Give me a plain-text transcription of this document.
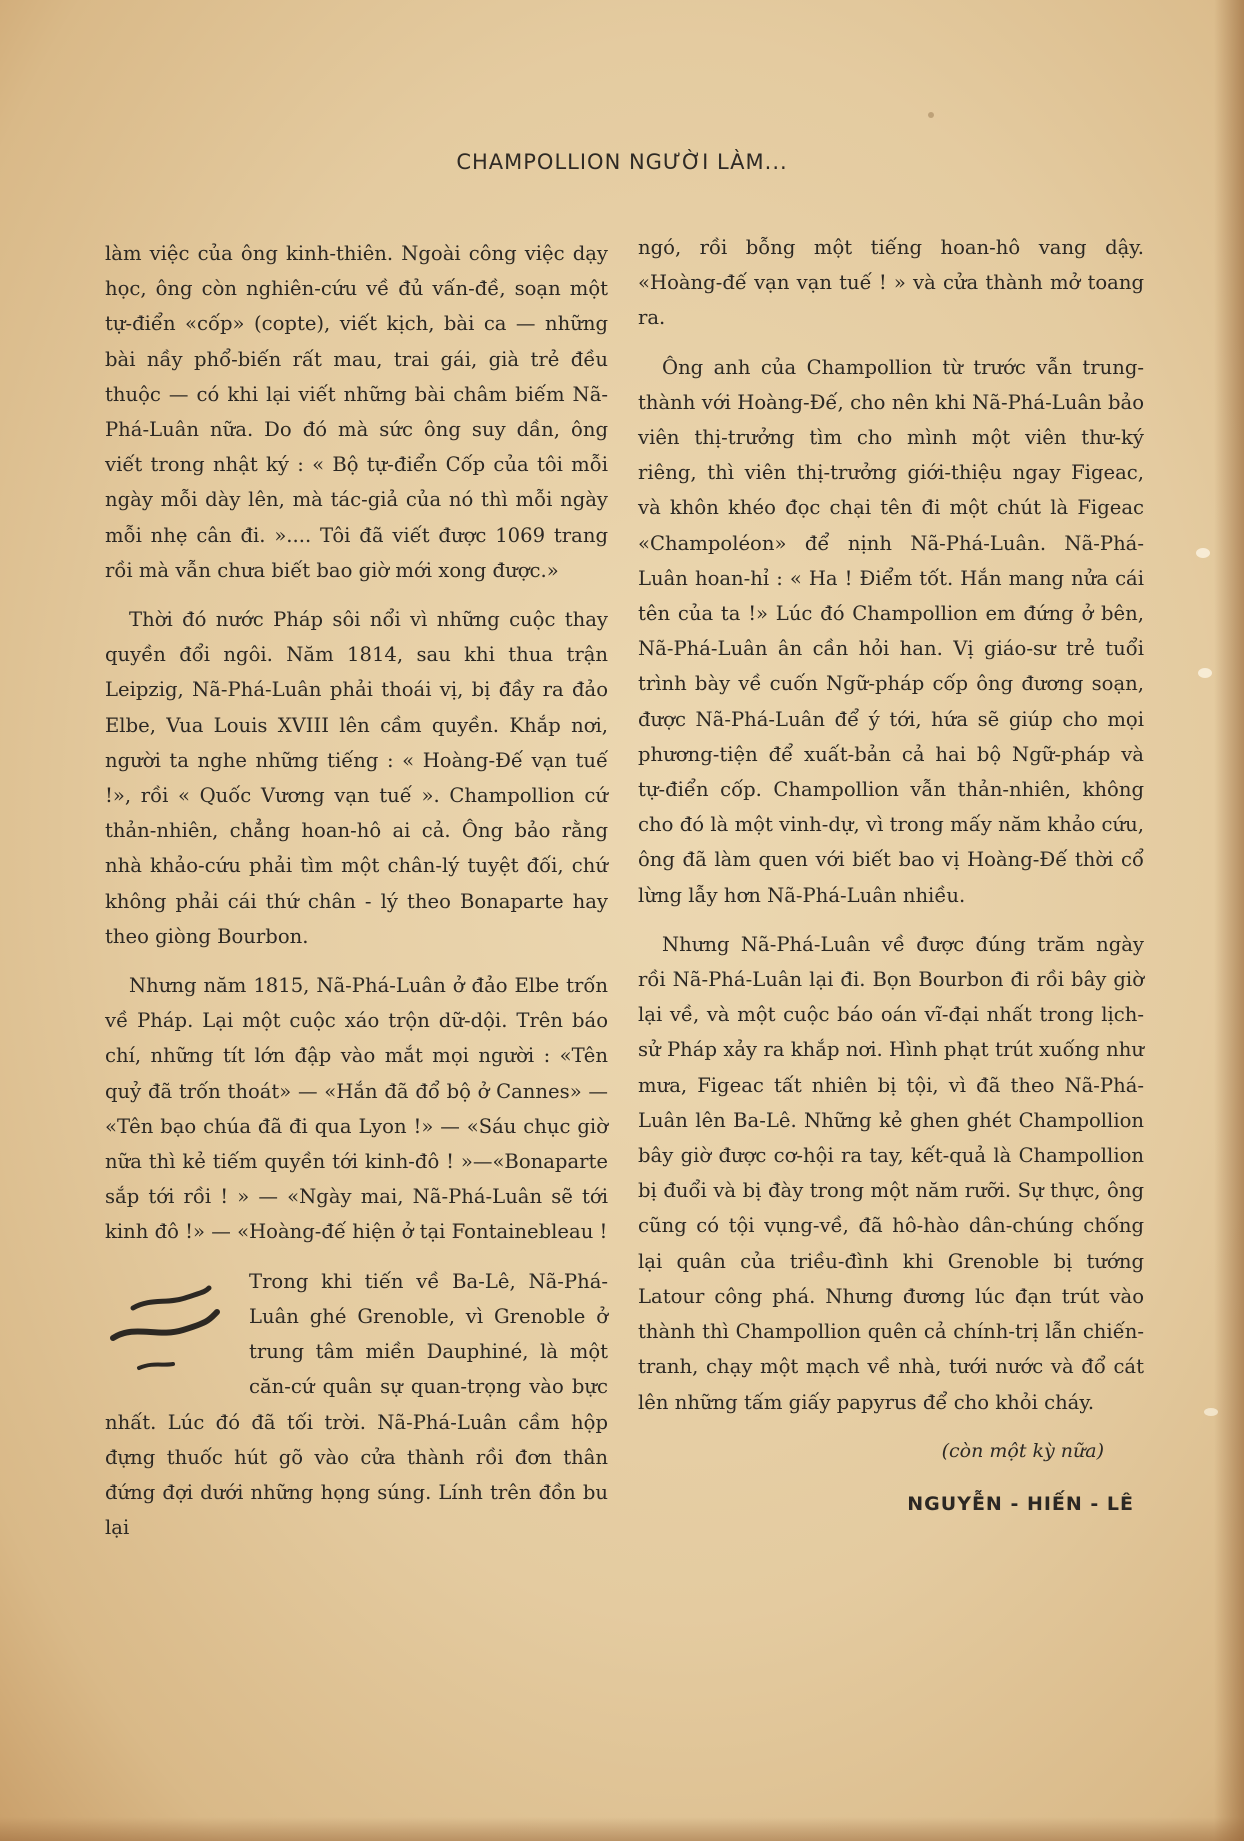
CHAMPOLLION NGƯỜI LÀM...

làm việc của ông kinh-thiên. Ngoài công việc dạy học, ông còn nghiên-cứu về đủ vấn-đề, soạn một tự-điển «cốp» (copte), viết kịch, bài ca — những bài nầy phổ-biến rất mau, trai gái, già trẻ đều thuộc — có khi lại viết những bài châm biếm Nã-Phá-Luân nữa. Do đó mà sức ông suy dần, ông viết trong nhật ký : « Bộ tự-điển Cốp của tôi mỗi ngày mỗi dày lên, mà tác-giả của nó thì mỗi ngày mỗi nhẹ cân đi. ».... Tôi đã viết được 1069 trang rồi mà vẫn chưa biết bao giờ mới xong được.»

Thời đó nước Pháp sôi nổi vì những cuộc thay quyền đổi ngôi. Năm 1814, sau khi thua trận Leipzig, Nã-Phá-Luân phải thoái vị, bị đầy ra đảo Elbe, Vua Louis XVIII lên cầm quyền. Khắp nơi, người ta nghe những tiếng : « Hoàng-Đế vạn tuế !», rồi « Quốc Vương vạn tuế ». Champollion cứ thản-nhiên, chẳng hoan-hô ai cả. Ông bảo rằng nhà khảo-cứu phải tìm một chân-lý tuyệt đối, chứ không phải cái thứ chân - lý theo Bonaparte hay theo giòng Bourbon.

Nhưng năm 1815, Nã-Phá-Luân ở đảo Elbe trốn về Pháp. Lại một cuộc xáo trộn dữ-dội. Trên báo chí, những tít lớn đập vào mắt mọi người : «Tên quỷ đã trốn thoát» — «Hắn đã đổ bộ ở Cannes» — «Tên bạo chúa đã đi qua Lyon !» — «Sáu chục giờ nữa thì kẻ tiếm quyền tới kinh-đô ! »—«Bonaparte sắp tới rồi ! » — «Ngày mai, Nã-Phá-Luân sẽ tới kinh đô !» — «Hoàng-đế hiện ở tại Fontainebleau !

Trong khi tiến về Ba-Lê, Nã-Phá-Luân ghé Grenoble, vì Grenoble ở trung tâm miền Dauphiné, là một căn-cứ quân sự quan-trọng vào bực nhất. Lúc đó đã tối trời. Nã-Phá-Luân cầm hộp đựng thuốc hút gõ vào cửa thành rồi đơn thân đứng đợi dưới những họng súng. Lính trên đồn bu lại

ngó, rồi bỗng một tiếng hoan-hô vang dậy. «Hoàng-đế vạn vạn tuế ! » và cửa thành mở toang ra.

Ông anh của Champollion từ trước vẫn trung-thành với Hoàng-Đế, cho nên khi Nã-Phá-Luân bảo viên thị-trưởng tìm cho mình một viên thư-ký riêng, thì viên thị-trưởng giới-thiệu ngay Figeac, và khôn khéo đọc chại tên đi một chút là Figeac «Champoléon» để nịnh Nã-Phá-Luân. Nã-Phá-Luân hoan-hỉ : « Ha ! Điểm tốt. Hắn mang nửa cái tên của ta !» Lúc đó Champollion em đứng ở bên, Nã-Phá-Luân ân cần hỏi han. Vị giáo-sư trẻ tuổi trình bày về cuốn Ngữ-pháp cốp ông đương soạn, được Nã-Phá-Luân để ý tới, hứa sẽ giúp cho mọi phương-tiện để xuất-bản cả hai bộ Ngữ-pháp và tự-điển cốp. Champollion vẫn thản-nhiên, không cho đó là một vinh-dự, vì trong mấy năm khảo cứu, ông đã làm quen với biết bao vị Hoàng-Đế thời cổ lừng lẫy hơn Nã-Phá-Luân nhiều.

Nhưng Nã-Phá-Luân về được đúng trăm ngày rồi Nã-Phá-Luân lại đi. Bọn Bourbon đi rồi bây giờ lại về, và một cuộc báo oán vĩ-đại nhất trong lịch-sử Pháp xảy ra khắp nơi. Hình phạt trút xuống như mưa, Figeac tất nhiên bị tội, vì đã theo Nã-Phá-Luân lên Ba-Lê. Những kẻ ghen ghét Champollion bây giờ được cơ-hội ra tay, kết-quả là Champollion bị đuổi và bị đày trong một năm rưỡi. Sự thực, ông cũng có tội vụng-về, đã hô-hào dân-chúng chống lại quân của triều-đình khi Grenoble bị tướng Latour công phá. Nhưng đương lúc đạn trút vào thành thì Champollion quên cả chính-trị lẫn chiến-tranh, chạy một mạch về nhà, tưới nước và đổ cát lên những tấm giấy papyrus để cho khỏi cháy.

(còn một kỳ nữa)
NGUYỄN - HIẾN - LÊ
